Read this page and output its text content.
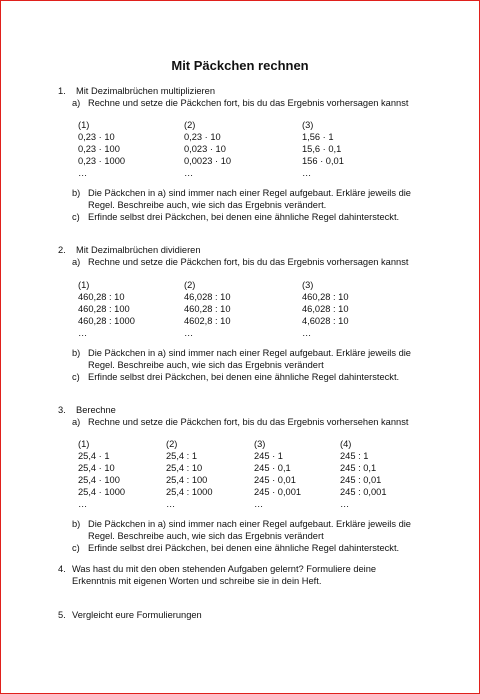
Mit Päckchen rechnen
1. Mit Dezimalbrüchen multiplizieren
a) Rechne und setze die Päckchen fort, bis du das Ergebnis vorhersagen kannst
(1)
0,23 · 10
0,23 · 100
0,23 · 1000
…
(2)
0,23 · 10
0,023 · 10
0,0023 · 10
…
(3)
1,56 · 1
15,6 · 0,1
156 · 0,01
…
b) Die Päckchen in a) sind immer nach einer Regel aufgebaut. Erkläre jeweils die
Regel. Beschreibe auch, wie sich das Ergebnis verändert.
c) Erfinde selbst drei Päckchen, bei denen eine ähnliche Regel dahintersteckt.
2. Mit Dezimalbrüchen dividieren
a) Rechne und setze die Päckchen fort, bis du das Ergebnis vorhersagen kannst
(1)
460,28 : 10
460,28 : 100
460,28 : 1000
…
(2)
46,028 : 10
460,28 : 10
4602,8 : 10
…
(3)
460,28 : 10
46,028 : 10
4,6028 : 10
…
b) Die Päckchen in a) sind immer nach einer Regel aufgebaut. Erkläre jeweils die
Regel. Beschreibe auch, wie sich das Ergebnis verändert
c) Erfinde selbst drei Päckchen, bei denen eine ähnliche Regel dahintersteckt.
3. Berechne
a) Rechne und setze die Päckchen fort, bis du das Ergebnis vorhersehen kannst
(1)
25,4 · 1
25,4 · 10
25,4 · 100
25,4 · 1000
…
(2)
25,4 : 1
25,4 : 10
25,4 : 100
25,4 : 1000
…
(3)
245 · 1
245 · 0,1
245 · 0,01
245 · 0,001
…
(4)
245 : 1
245 : 0,1
245 : 0,01
245 : 0,001
…
b) Die Päckchen in a) sind immer nach einer Regel aufgebaut. Erkläre jeweils die
Regel. Beschreibe auch, wie sich das Ergebnis verändert
c) Erfinde selbst drei Päckchen, bei denen eine ähnliche Regel dahintersteckt.
4. Was hast du mit den oben stehenden Aufgaben gelernt? Formuliere deine
Erkenntnis mit eigenen Worten und schreibe sie in dein Heft.
5. Vergleicht eure Formulierungen
